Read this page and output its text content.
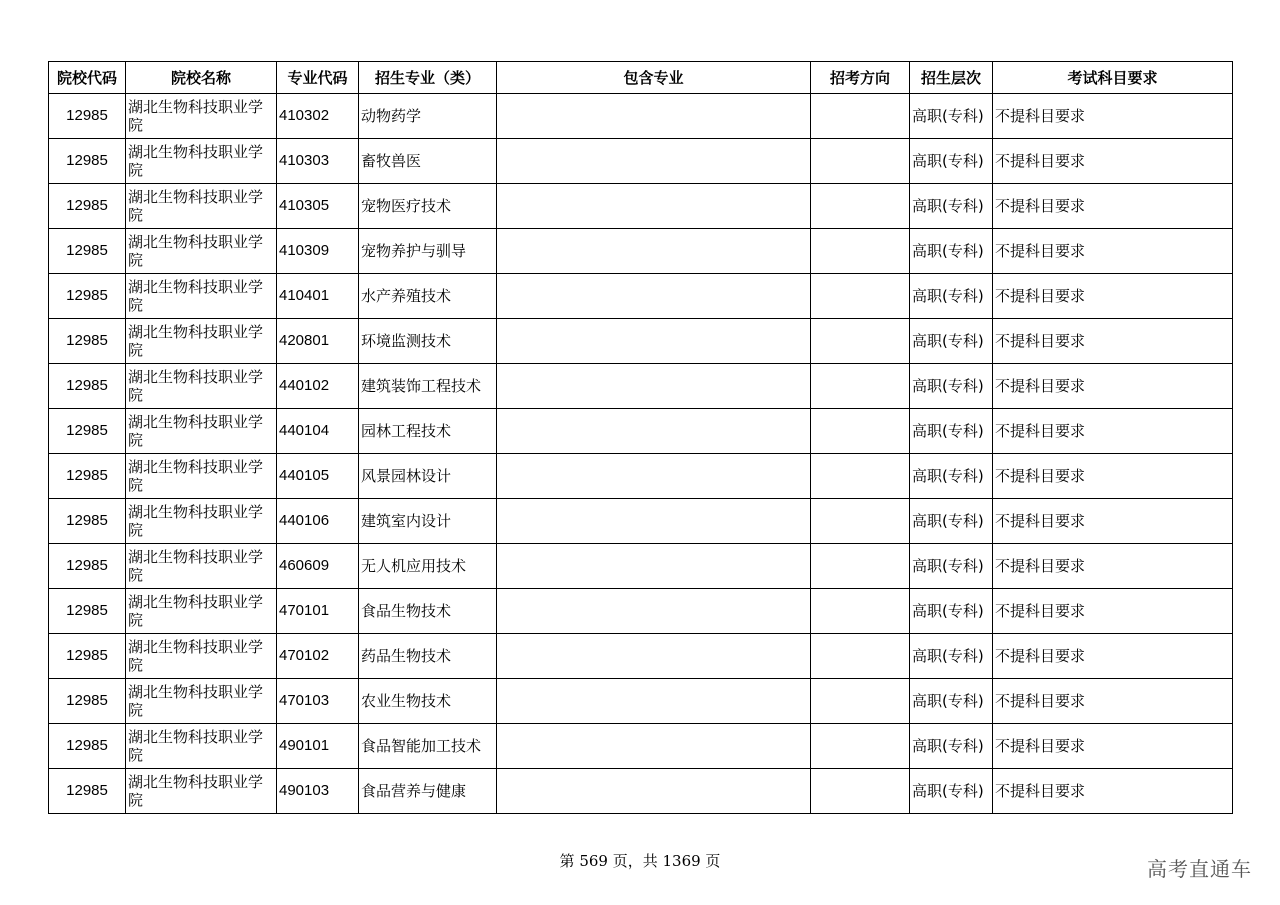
院校代码	院校名称	专业代码	招生专业（类）	包含专业	招考方向	招生层次	考试科目要求
12985	湖北生物科技职业学院	410302	动物药学			高职(专科)	不提科目要求
12985	湖北生物科技职业学院	410303	畜牧兽医			高职(专科)	不提科目要求
12985	湖北生物科技职业学院	410305	宠物医疗技术			高职(专科)	不提科目要求
12985	湖北生物科技职业学院	410309	宠物养护与驯导			高职(专科)	不提科目要求
12985	湖北生物科技职业学院	410401	水产养殖技术			高职(专科)	不提科目要求
12985	湖北生物科技职业学院	420801	环境监测技术			高职(专科)	不提科目要求
12985	湖北生物科技职业学院	440102	建筑装饰工程技术			高职(专科)	不提科目要求
12985	湖北生物科技职业学院	440104	园林工程技术			高职(专科)	不提科目要求
12985	湖北生物科技职业学院	440105	风景园林设计			高职(专科)	不提科目要求
12985	湖北生物科技职业学院	440106	建筑室内设计			高职(专科)	不提科目要求
12985	湖北生物科技职业学院	460609	无人机应用技术			高职(专科)	不提科目要求
12985	湖北生物科技职业学院	470101	食品生物技术			高职(专科)	不提科目要求
12985	湖北生物科技职业学院	470102	药品生物技术			高职(专科)	不提科目要求
12985	湖北生物科技职业学院	470103	农业生物技术			高职(专科)	不提科目要求
12985	湖北生物科技职业学院	490101	食品智能加工技术			高职(专科)	不提科目要求
12985	湖北生物科技职业学院	490103	食品营养与健康			高职(专科)	不提科目要求
第 569 页，共 1369 页	高考直通车
